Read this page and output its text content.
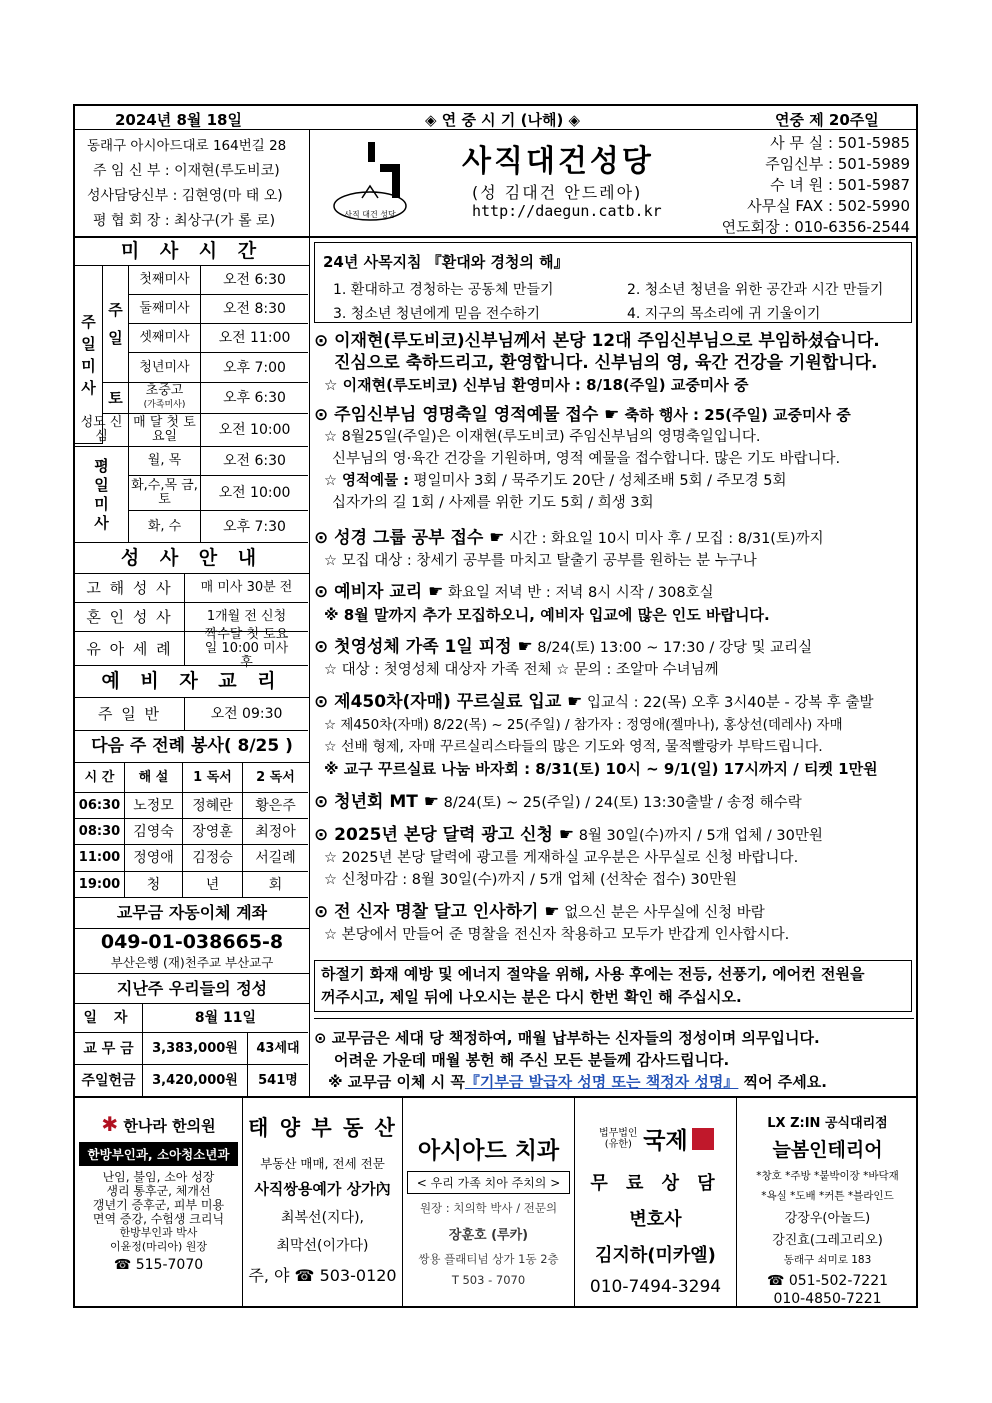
2024년 8월 18일	◈ 연 중 시 기 (나해) ◈	연중 제 20주일
동래구 아시아드대로 164번길 28
주 임 신 부 : 이재현(루도비코)
성사담당신부 : 김현영(마 태 오)
평 협 회 장 : 최상구(가 롤 로)	사직 대건 성당
사직대건성당
(성 김대건 안드레아)
http://daegun.catb.kr
사 무 실 : 501-5985
주임신부 : 501-5989
수 녀 원 : 501-5987
사무실 FAX : 502-5990
연도회장 : 010-6356-2544
미 사 시 간
주
일
미
사
주
일
토
첫째미사	오전 6:30
둘째미사	오전 8:30
셋째미사	오전 11:00
청년미사	오후 7:00
초중고
(가족미사)	오후 6:30
성모 신심
매 달 첫 토요일	오전 10:00
평
일
미
사
월, 목	오전 6:30
화,수,목 금, 토	오전 10:00
화, 수	오후 7:30
성 사 안 내
고 해 성 사	매 미사 30분 전
혼 인 성 사	1개월 전 신청
유 아 세 례
짝수달 첫 토요일 10:00 미사 후
예 비 자 교 리
주 일 반	오전 09:30
다음 주 전례 봉사( 8/25 )
시 간	해 설	1 독서	2 독서
06:30 노정모	정혜란	황은주
08:30 김영숙	장영훈	최정아
11:00 정영애	김정승	서길례
19:00	청	년	회
교무금 자동이체 계좌
049-01-038665-8
부산은행 (재)천주교 부산교구
지난주 우리들의 정성
일 자	8월 11일
교 무 금	3,383,000원	43세대
주일헌금	3,420,000원	541명
24년 사목지침 『환대와 경청의 해』
1. 환대하고 경청하는 공동체 만들기	2. 청소년 청년을 위한 공간과 시간 만들기
3. 청소년 청년에게 믿음 전수하기	4. 지구의 목소리에 귀 기울이기
⊙ 이재현(루도비코)신부님께서 본당 12대 주임신부님으로 부임하셨습니다.
진심으로 축하드리고, 환영합니다. 신부님의 영, 육간 건강을 기원합니다.
☆ 이재현(루도비코) 신부님 환영미사 : 8/18(주일) 교중미사 중
⊙ 주임신부님 영명축일 영적예물 접수 ☛ 축하 행사 : 25(주일) 교중미사 중
☆ 8월25일(주일)은 이재현(루도비코) 주임신부님의 영명축일입니다.
신부님의 영·육간 건강을 기원하며, 영적 예물을 접수합니다. 많은 기도 바랍니다.
☆ 영적예물 : 평일미사 3회 / 묵주기도 20단 / 성체조배 5회 / 주모경 5회
십자가의 길 1회 / 사제를 위한 기도 5회 / 희생 3회
⊙ 성경 그룹 공부 접수 ☛ 시간 : 화요일 10시 미사 후 / 모집 : 8/31(토)까지
☆ 모집 대상 : 창세기 공부를 마치고 탈출기 공부를 원하는 분 누구나
⊙ 예비자 교리 ☛ 화요일 저녁 반 : 저녁 8시 시작 / 308호실
※ 8월 말까지 추가 모집하오니, 예비자 입교에 많은 인도 바랍니다.
⊙ 첫영성체 가족 1일 피정 ☛ 8/24(토) 13:00 ~ 17:30 / 강당 및 교리실
☆ 대상 : 첫영성체 대상자 가족 전체 ☆ 문의 : 조알마 수녀님께
⊙ 제450차(자매) 꾸르실료 입교 ☛ 입교식 : 22(목) 오후 3시40분 - 강복 후 출발
☆ 제450차(자매) 8/22(목) ~ 25(주일) / 참가자 : 정영애(젤마나), 홍상선(데레사) 자매
☆ 선배 형제, 자매 꾸르실리스타들의 많은 기도와 영적, 물적빨랑카 부탁드립니다.
※ 교구 꾸르실료 나눔 바자회 : 8/31(토) 10시 ~ 9/1(일) 17시까지 / 티켓 1만원
⊙ 청년회 MT ☛ 8/24(토) ~ 25(주일) / 24(토) 13:30출발 / 송정 해수락
⊙ 2025년 본당 달력 광고 신청 ☛ 8월 30일(수)까지 / 5개 업체 / 30만원
☆ 2025년 본당 달력에 광고를 게재하실 교우분은 사무실로 신청 바랍니다.
☆ 신청마감 : 8월 30일(수)까지 / 5개 업체 (선착순 접수) 30만원
⊙ 전 신자 명찰 달고 인사하기 ☛ 없으신 분은 사무실에 신청 바람
☆ 본당에서 만들어 준 명찰을 전신자 착용하고 모두가 반갑게 인사합시다.
하절기 화재 예방 및 에너지 절약을 위해, 사용 후에는 전등, 선풍기, 에어컨 전원을
꺼주시고, 제일 뒤에 나오시는 분은 다시 한번 확인 해 주십시오.
⊙ 교무금은 세대 당 책정하여, 매월 납부하는 신자들의 정성이며 의무입니다.
어려운 가운데 매월 봉헌 해 주신 모든 분들께 감사드립니다.
※ 교무금 이체 시 꼭『기부금 발급자 성명 또는 책정자 성명』 찍어 주세요.
✱ 한나라 한의원
한방부인과, 소아청소년과
난임, 불임, 소아 성장
생리 통후군, 체개선
갱년기 증후군, 피부 미용
면역 증강, 수험생 크리닉
한방부인과 박사
이윤정(마리아) 원장
☎ 515-7070
태 양 부 동 산
부동산 매매, 전세 전문
사직쌍용예가 상가內
최복선(지다),
최막선(이가다)
주, 야 ☎ 503-0120
아시아드 치과
< 우리 가족 치아 주치의 >
원장 : 치의학 박사 / 전문의
장훈호 (루카)
쌍용 플래티넘 상가 1동 2층
T 503 - 7070
법무법인(유한) 국제
무 료 상 담
변호사
김지하(미카엘)
010-7494-3294
LX Z:IN 공식대리점
늘봄인테리어
*창호 *주방 *붙박이장 *바닥재
*욕실 *도배 *커튼 *블라인드
강장우(아놀드)
강진효(그레고리오)
동래구 쇠미로 183
☎ 051-502-7221
010-4850-7221
